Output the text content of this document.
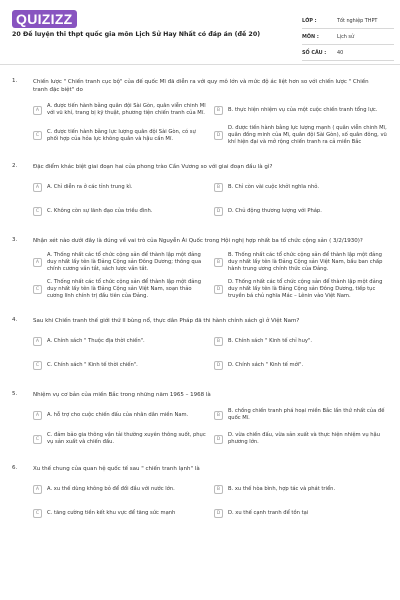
QUIZIZZ
20 Đề luyện thi thpt quốc gia môn Lịch Sử Hay Nhất có đáp án (đề 20)
LỚP :	Tốt nghiệp THPT
MÔN :	Lịch sử
SỐ CÂU :	40
1.	Chiến lược " Chiến tranh cục bộ" của đế quốc Mĩ đã diễn ra với quy mô lớn và mức độ ác liệt hơn so với chiến lược " Chiến tranh đặc biệt" do
A
A. được tiến hành bằng quân đội Sài Gòn, quân viễn chinh Mĩ với vũ khí, trang bị kỹ thuật, phương tiện chiến tranh của Mĩ.	B	B. thực hiện nhiệm vụ của một cuộc chiến tranh tổng lực.
C
C. được tiến hành bằng lực lượng quân đội Sài Gòn, có sự phối hợp của hỏa lực không quân và hậu cần Mĩ.	D
D. được tiến hành bằng lực lượng mạnh ( quân viễn chinh Mĩ, quân đồng minh của Mĩ, quân đội Sài Gòn), số quân đông, vũ khí hiện đại và mở rộng chiến tranh ra cả miền Bắc
2.	Đặc điểm khác biệt giai đoạn hai của phong trào Cần Vương so với giai đoạn đầu là gì?
A	A. Chỉ diễn ra ở các tỉnh trung kì.	B	B. Chỉ còn vài cuộc khởi nghĩa nhỏ.
C	C. Không còn sự lãnh đạo của triều đình.	D	D. Chủ động thương lượng với Pháp.
3.	Nhận xét nào dưới đây là đúng về vai trò của Nguyễn Ái Quốc trong Hội nghị hợp nhất ba tổ chức cộng sản ( 3/2/1930)?
A
A. Thống nhất các tổ chức cộng sản để thành lập một đảng duy nhất lấy tên là Đảng Cộng sản Đông Dương; thông qua chính cương vắn tắt, sách lược vắn tắt.
B
B. Thống nhất các tổ chức cộng sản để thành lập một đảng duy nhất lấy tên là Đảng Cộng sản Việt Nam, bầu ban chấp hành trung ương chính thức của Đảng.
C
C. Thống nhất các tổ chức cộng sản để thành lập một đảng duy nhất lấy tên là Đảng Cộng sản Việt Nam, soạn thảo cương lĩnh chính trị đầu tiên của Đảng.
D
D. Thống nhất các tổ chức cộng sản để thành lập một đảng duy nhất lấy tên là Đảng Cộng sản Đông Dương, tiếp tục truyền bá chủ nghĩa Mác – Lênin vào Việt Nam.
4.	Sau khi Chiến tranh thế giới thứ II bùng nổ, thực dân Pháp đã thi hành chính sách gì ở Việt Nam?
A	A. Chính sách " Thuộc địa thời chiến".	B	B. Chính sách " Kinh tế chỉ huy".
C	C. Chính sách " Kinh tế thời chiến".	D	D. Chính sách " Kinh tế mới".
5.	Nhiệm vụ cơ bản của miền Bắc trong những năm 1965 – 1968 là
A	A. hỗ trợ cho cuộc chiến đấu của nhân dân miền Nam.	B
B. chống chiến tranh phá hoại miền Bắc lần thứ nhất của đế quốc Mĩ.
C
C. đảm bảo gia thông vận tải thường xuyên thông suốt, phục vụ sản xuất và chiến đấu.	D
D. vừa chiến đấu, vừa sản xuất và thực hiện nhiệm vụ hậu phương lớn.
6.	Xu thế chung của quan hệ quốc tế sau " chiến tranh lạnh" là
A	A. xu thế dùng không bỏ để đối đầu với nước lớn.	B	B. xu thế hòa bình, hợp tác và phát triển.
C	C. tăng cường tiền kết khu vực để tăng sức mạnh	D	D. xu thế cạnh tranh để tồn tại
